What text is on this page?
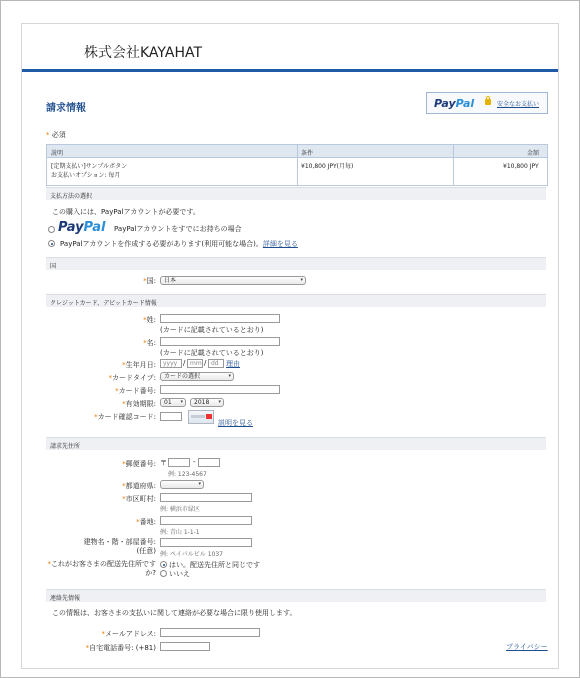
株式会社KAYAHAT
請求情報	PayPal	安全なお支払い
* 必須
説明	条件	金額
[定期支払い]サンプルボタン
お支払いオプション: 毎月
¥10,800 JPY(月毎)	¥10,800 JPY
支払方法の選択
この購入には、PayPalアカウントが必要です。
PayPal PayPalアカウントをすでにお持ちの場合
PayPalアカウントを作成する必要があります(利用可能な場合)。詳細を見る
国
*国:	日本	▾
クレジットカード、デビットカード情報
*姓:
(カードに記載されているとおり)
*名:
(カードに記載されているとおり)
*生年月日:	yyyy / mm / dd	理由
*カードタイプ:	カードの選択	▾
*カード番号:
*有効期限:	01 ▾	2018 ▾
*カード確認コード:
説明を見る
請求先住所
*郵便番号: 〒	-
例: 123-4567
*都道府県:	▾
*市区町村:
例: 横浜市緑区
*番地:
例: 青山 1-1-1
建物名・階・部屋番号:
(任意) 例: ペイパルビル 1037
*これがお客さまの配送先住所です
か?
はい。配送先住所と同じです
いいえ
連絡先情報
この情報は、お客さまの支払いに関して連絡が必要な場合に限り使用します。
*メールアドレス:
*自宅電話番号: (+81)	プライバシー
